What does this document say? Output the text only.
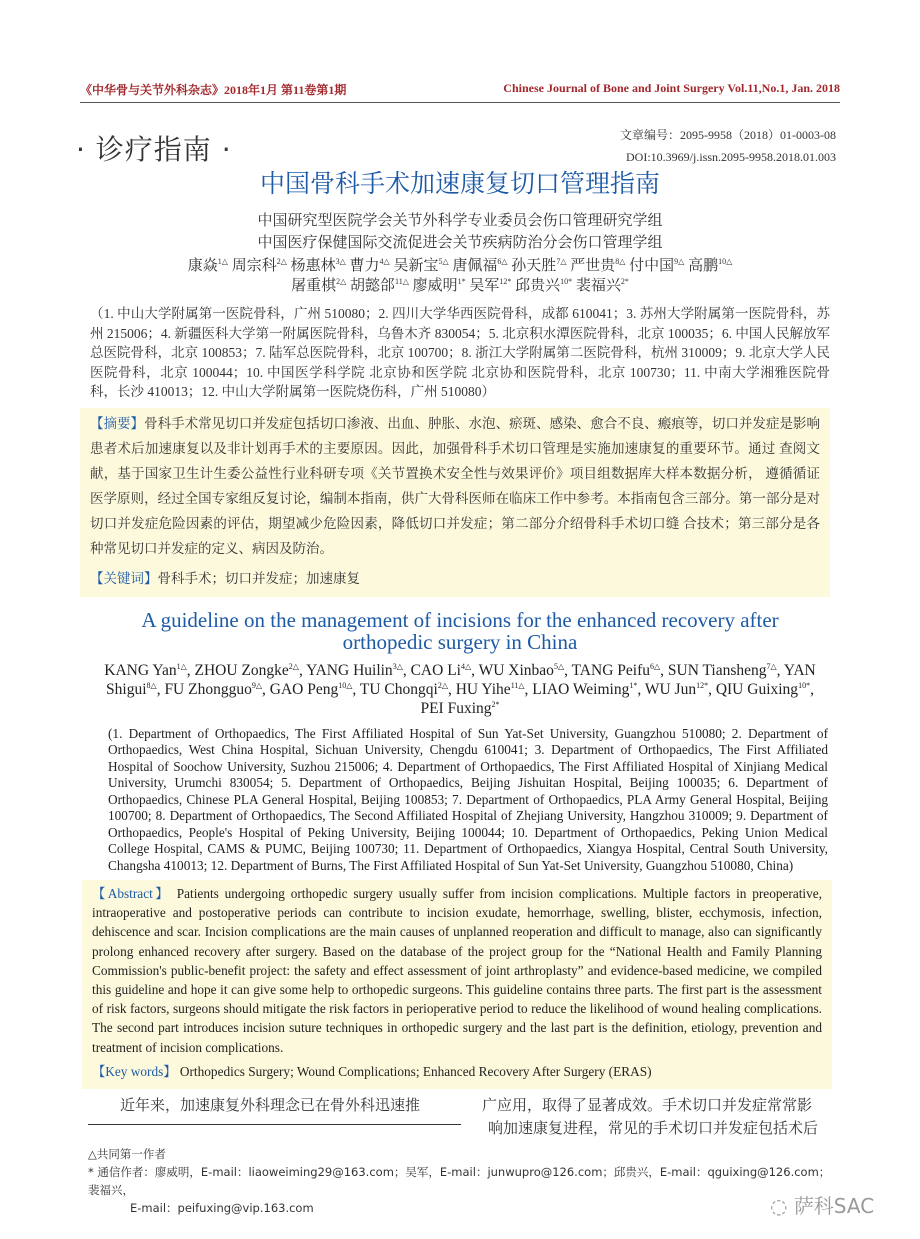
《中华骨与关节外科杂志》2018年1月 第11卷第1期	Chinese Journal of Bone and Joint Surgery Vol.11,No.1, Jan. 2018
· 诊疗指南 ·	文章编号：2095-9958（2018）01-0003-08
DOI:10.3969/j.issn.2095-9958.2018.01.003
中国骨科手术加速康复切口管理指南
中国研究型医院学会关节外科学专业委员会伤口管理研究学组
中国医疗保健国际交流促进会关节疾病防治分会伤口管理学组
康焱$^{1\triangle}$ 周宗科$^{2\triangle}$ 杨惠林$^{3\triangle}$ 曹力$^{4\triangle}$ 吴新宝$^{5\triangle}$ 唐佩福$^{6\triangle}$ 孙天胜$^{7\triangle}$ 严世贵$^{8\triangle}$ 付中国$^{9\triangle}$ 高鹏$^{10\triangle}$
屠重棋$^{2\triangle}$ 胡懿郃$^{11\triangle}$ 廖威明$^{1*}$ 吴军$^{12*}$ 邱贵兴$^{10*}$ 裴福兴$^{2*}$
（1. 中山大学附属第一医院骨科，广州 510080；2. 四川大学华西医院骨科，成都 610041；3. 苏州大学附属第一医院骨科，苏州 215006；4. 新疆医科大学第一附属医院骨科，乌鲁木齐 830054；5. 北京积水潭医院骨科，北京 100035；6. 中国人民解放军总医院骨科，北京 100853；7. 陆军总医院骨科，北京 100700；8. 浙江大学附属第二医院骨科，杭州 310009；9. 北京大学人民医院骨科，北京 100044；10. 中国医学科学院 北京协和医学院 北京协和医院骨科，北京 100730；11. 中南大学湘雅医院骨科，长沙 410013；12. 中山大学附属第一医院烧伤科，广州 510080）
【摘要】骨科手术常见切口并发症包括切口渗液、出血、肿胀、水泡、瘀斑、感染、愈合不良、瘢痕等，切口并发症是影响 患者术后加速康复以及非计划再手术的主要原因。因此，加强骨科手术切口管理是实施加速康复的重要环节。通过 查阅文献，基于国家卫生计生委公益性行业科研专项《关节置换术安全性与效果评价》项目组数据库大样本数据分析， 遵循循证医学原则，经过全国专家组反复讨论，编制本指南，供广大骨科医师在临床工作中参考。本指南包含三部分。第一部分是对切口并发症危险因素的评估，期望减少危险因素，降低切口并发症；第二部分介绍骨科手术切口缝 合技术；第三部分是各种常见切口并发症的定义、病因及防治。
【关键词】骨科手术；切口并发症；加速康复
A guideline on the management of incisions for the enhanced recovery after
orthopedic surgery in China
KANG Yan$^{1\triangle}$, ZHOU Zongke$^{2\triangle}$, YANG Huilin$^{3\triangle}$, CAO $Li^{4\triangle}$, WU Xinbao$^{5\triangle}$, TANG Peifu$^{6\triangle}$, SUN Tiansheng$^{7\triangle}$, YAN Shigui$^{8\triangle}$, FU Zhongguo$^{9\triangle}$, GAO Peng$^{10\triangle}$, TU Chongqi$^{2\triangle}$, HU Yihe$^{11\triangle}$, LIAO Weiming$^{1*}$, WU Jun$^{12*}$, QIU Guixing$^{10*}$, PEI Fuxing$^{2*}$
(1. Department of Orthopaedics, The First Affiliated Hospital of Sun Yat-Set University, Guangzhou 510080; 2. Department of Orthopaedics, West China Hospital, Sichuan University, Chengdu 610041; 3. Department of Orthopaedics, The First Affiliated Hospital of Soochow University, Suzhou 215006; 4. Department of Orthopaedics, The First Affiliated Hospital of Xinjiang Medical University, Urumchi 830054; 5. Department of Orthopaedics, Beijing Jishuitan Hospital, Beijing 100035; 6. Department of Orthopaedics, Chinese PLA General Hospital, Beijing 100853; 7. Department of Orthopaedics, PLA Army General Hospital, Beijing 100700; 8. Department of Orthopaedics, The Second Affiliated Hospital of Zhejiang University, Hangzhou 310009; 9. Department of Orthopaedics, People's Hospital of Peking University, Beijing 100044; 10. Department of Orthopaedics, Peking Union Medical College Hospital, CAMS & PUMC, Beijing 100730; 11. Department of Orthopaedics, Xiangya Hospital, Central South University, Changsha 410013; 12. Department of Burns, The First Affiliated Hospital of Sun Yat-Set University, Guangzhou 510080, China)
【Abstract】 Patients undergoing orthopedic surgery usually suffer from incision complications. Multiple factors in preoperative, intraoperative and postoperative periods can contribute to incision exudate, hemorrhage, swelling, blister, ecchymosis, infection, dehiscence and scar. Incision complications are the main causes of unplanned reoperation and difficult to manage, also can significantly prolong enhanced recovery after surgery. Based on the database of the project group for the “National Health and Family Planning Commission's public-benefit project: the safety and effect assessment of joint arthroplasty” and evidence-based medicine, we compiled this guideline and hope it can give some help to orthopedic surgeons. This guideline contains three parts. The first part is the assessment of risk factors, surgeons should mitigate the risk factors in perioperative period to reduce the likelihood of wound healing complications. The second part introduces incision suture techniques in orthopedic surgery and the last part is the definition, etiology, prevention and treatment of incision complications.
【Key words】 Orthopedics Surgery; Wound Complications; Enhanced Recovery After Surgery (ERAS)
近年来，加速康复外科理念已在骨外科迅速推	广应用，取得了显著成效。手术切口并发症常常影
响加速康复进程，常见的手术切口并发症包括术后
△共同第一作者
* 通信作者：廖威明，E-mail：liaoweiming29@163.com；吴军，E-mail：junwupro@126.com；邱贵兴，E-mail：qguixing@126.com；裴福兴，
E-mail：peifuxing@vip.163.com	◌ 萨科SAC
